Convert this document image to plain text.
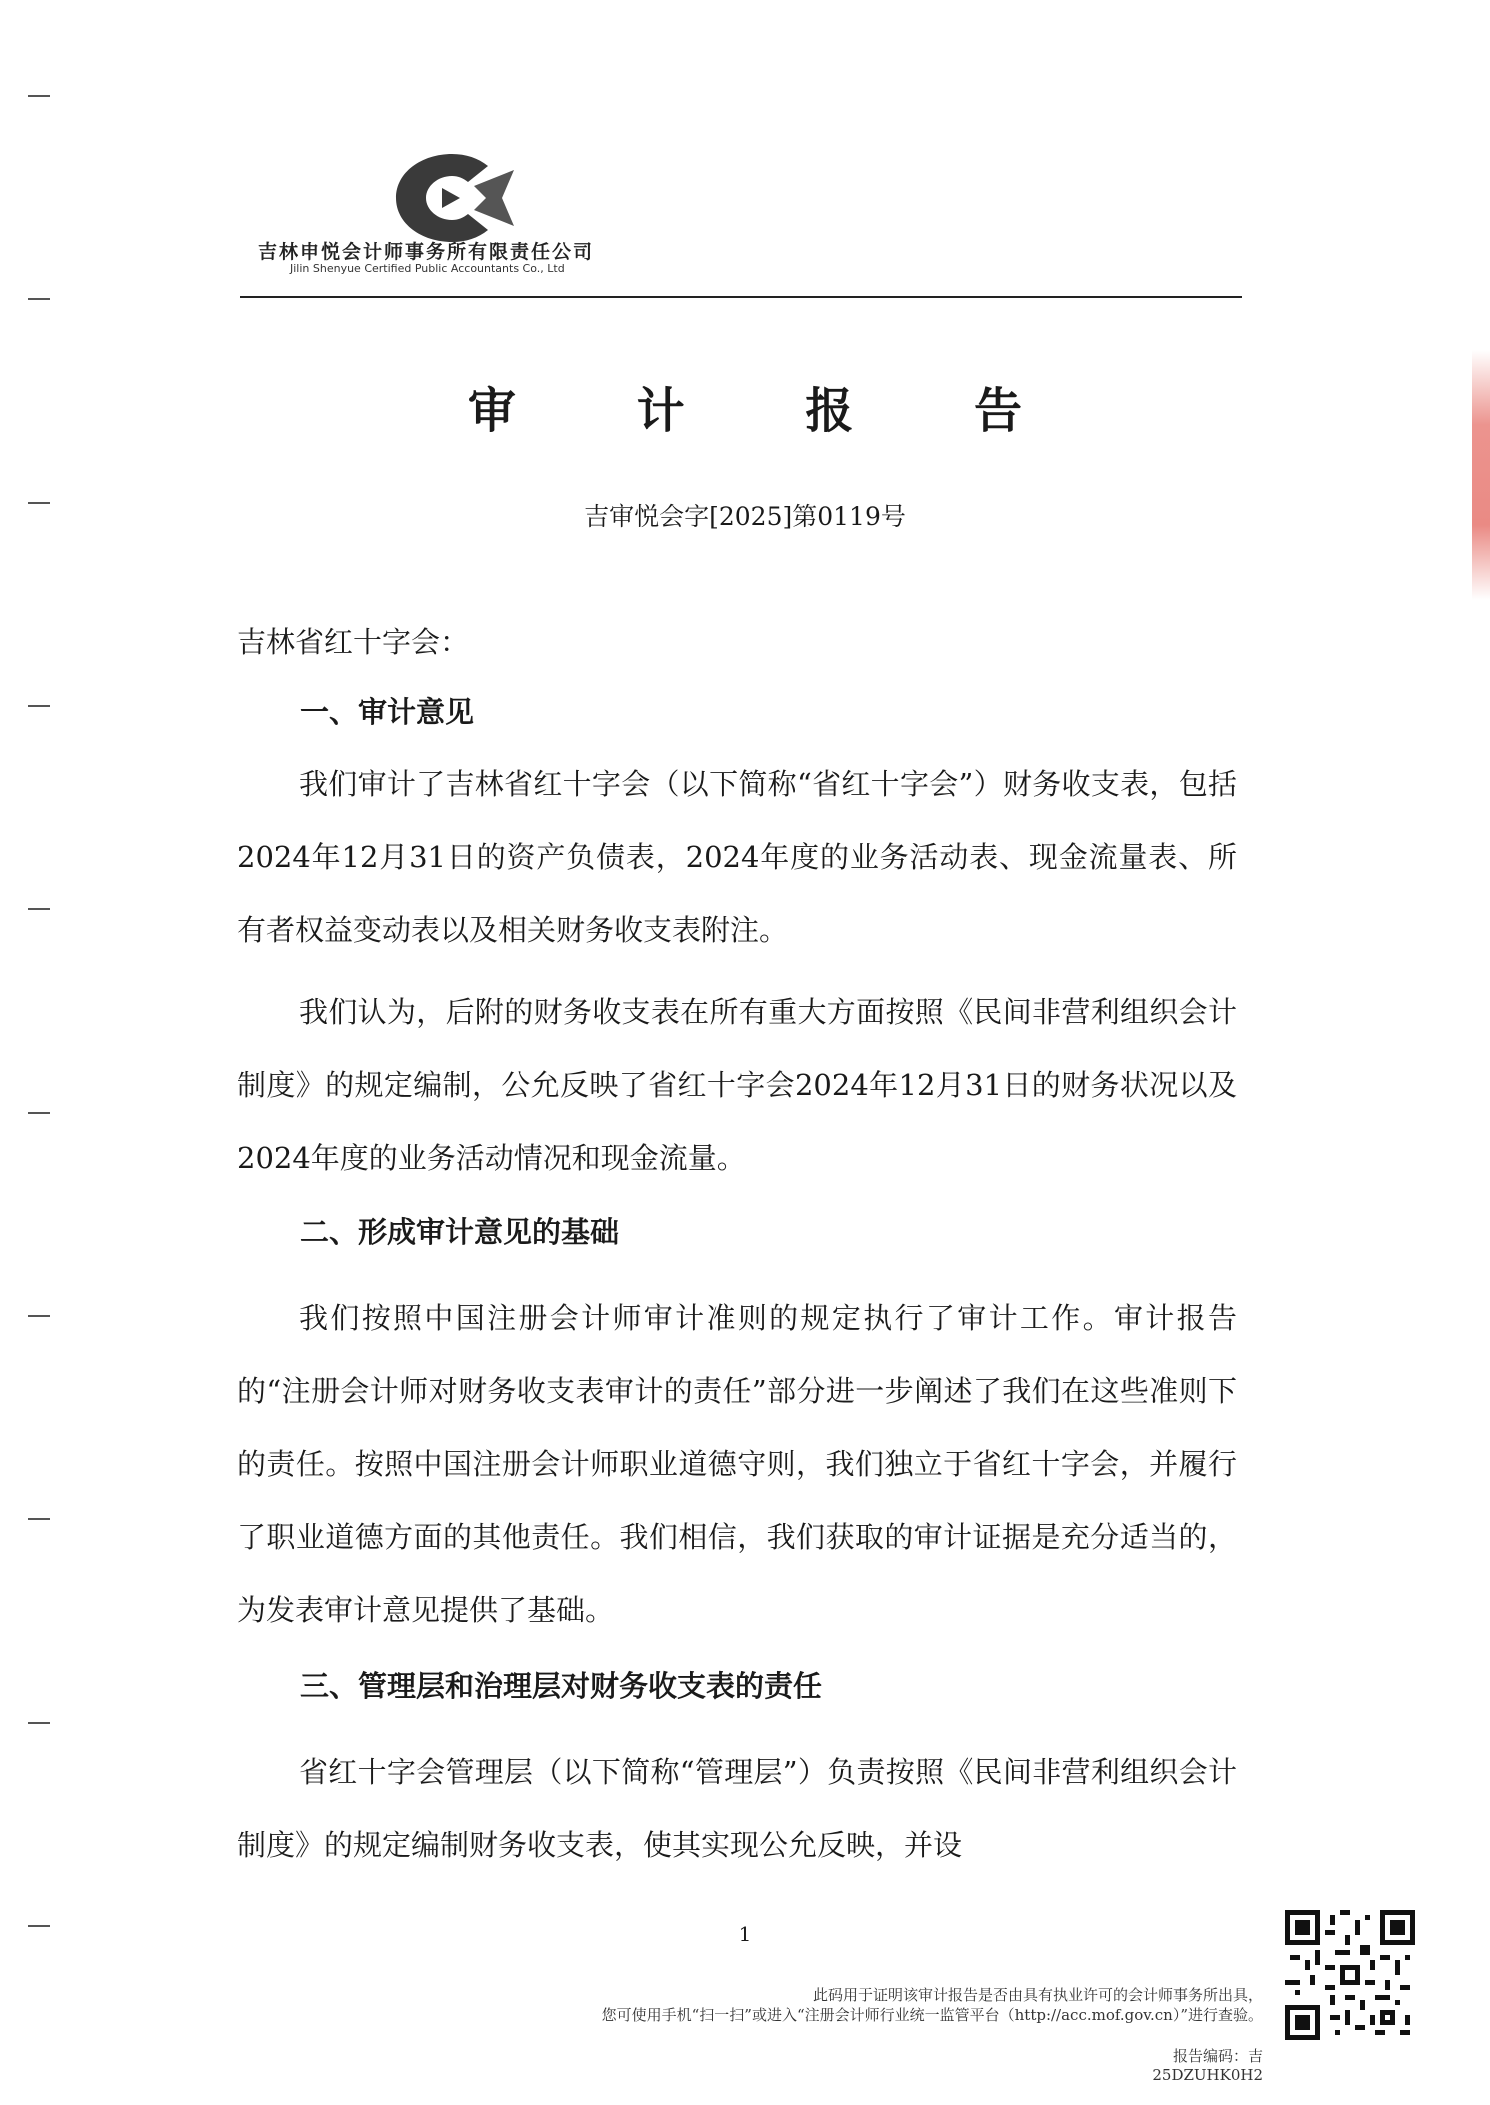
吉林申悦会计师事务所有限责任公司
Jilin Shenyue Certified Public Accountants Co., Ltd
审 计 报 告
吉审悦会字[2025]第0119号
吉林省红十字会：
一、审计意见
我们审计了吉林省红十字会（以下简称“省红十字会”）财务收支表，包括2024年12月31日的资产负债表，2024年度的业务活动表、现金流量表、所有者权益变动表以及相关财务收支表附注。
我们认为，后附的财务收支表在所有重大方面按照《民间非营利组织会计制度》的规定编制，公允反映了省红十字会2024年12月31日的财务状况以及2024年度的业务活动情况和现金流量。
二、形成审计意见的基础
我们按照中国注册会计师审计准则的规定执行了审计工作。审计报告的“注册会计师对财务收支表审计的责任”部分进一步阐述了我们在这些准则下的责任。按照中国注册会计师职业道德守则，我们独立于省红十字会，并履行了职业道德方面的其他责任。我们相信，我们获取的审计证据是充分适当的，为发表审计意见提供了基础。
三、管理层和治理层对财务收支表的责任
省红十字会管理层（以下简称“管理层”）负责按照《民间非营利组织会计制度》的规定编制财务收支表，使其实现公允反映，并设
1
此码用于证明该审计报告是否由具有执业许可的会计师事务所出具，
您可使用手机“扫一扫”或进入“注册会计师行业统一监管平台（http://acc.mof.gov.cn）”进行查验。
报告编码：吉25DZUHK0H2
